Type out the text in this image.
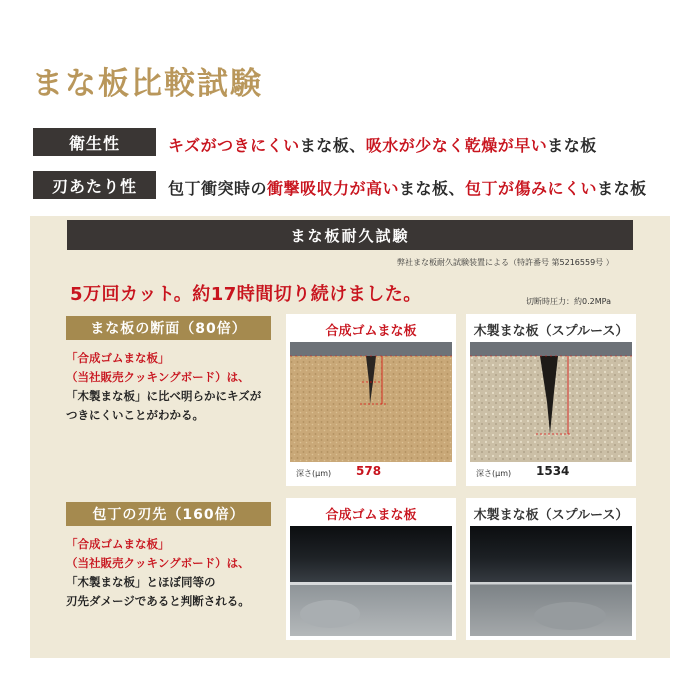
まな板比較試験
衛生性	キズがつきにくいまな板、吸水が少なく乾燥が早いまな板
刃あたり性	包丁衝突時の衝撃吸収力が高いまな板、包丁が傷みにくいまな板
まな板耐久試験
弊社まな板耐久試験装置による（特許番号 第5216559号 ）
5万回カット。約17時間切り続けました。	切断時圧力：約0.2MPa
まな板の断面（80倍）
「合成ゴムまな板」
（当社販売クッキングボード）は、
「木製まな板」に比べ明らかにキズが
つきにくいことがわかる。
合成ゴムまな板
深さ(μm) 578
木製まな板（スプルース）
深さ(μm) 1534
包丁の刃先（160倍）
「合成ゴムまな板」
（当社販売クッキングボード）は、
「木製まな板」とほぼ同等の
刃先ダメージであると判断される。
合成ゴムまな板	木製まな板（スプルース）
